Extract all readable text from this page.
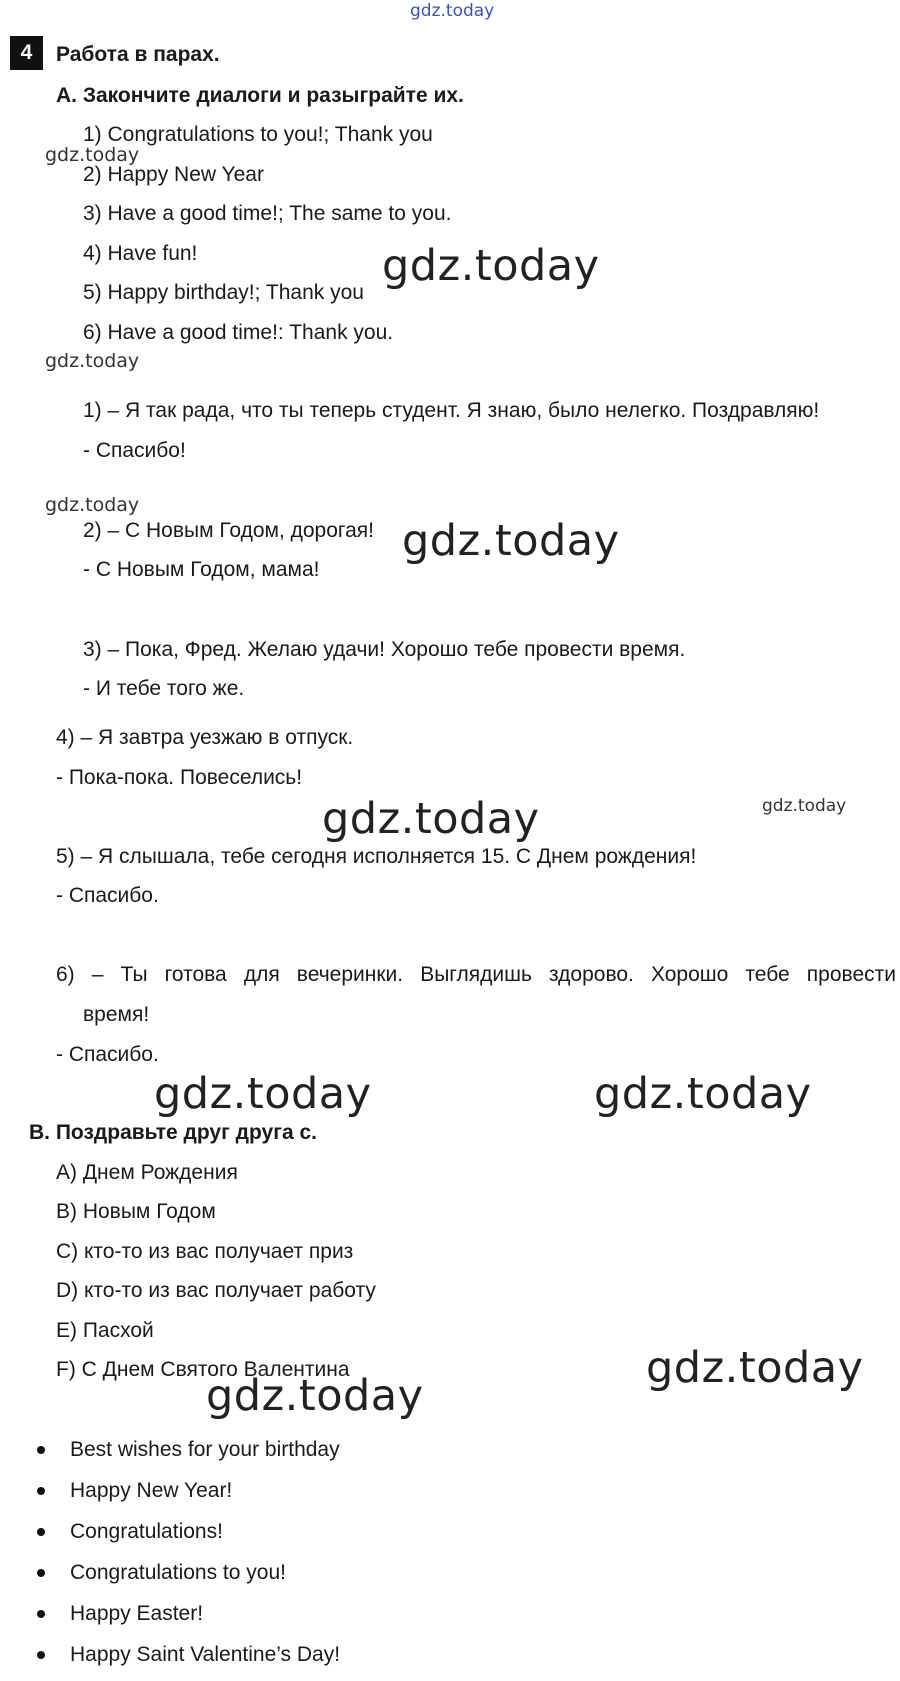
gdz.today
4	Работа в парах.
A. Закончите диалоги и разыграйте их.
1) Congratulations to you!; Thank you
2) Happy New Year
3) Have a good time!; The same to you.
4) Have fun!
5) Happy birthday!; Thank you
6) Have a good time!: Thank you.
1) – Я так рада, что ты теперь студент. Я знаю, было нелегко. Поздравляю!
- Спасибо!
2) – С Новым Годом, дорогая!
- С Новым Годом, мама!
3) – Пока, Фред. Желаю удачи! Хорошо тебе провести время.
- И тебе того же.
4) – Я завтра уезжаю в отпуск.
- Пока-пока. Повеселись!
5) – Я слышала, тебе сегодня исполняется 15. С Днем рождения!
- Спасибо.
6) – Ты готова для вечеринки. Выглядишь здорово. Хорошо тебе провести
время!
- Спасибо.
B. Поздравьте друг друга с.
A) Днем Рождения
B) Новым Годом
C) кто-то из вас получает приз
D) кто-то из вас получает работу
E) Пасхой
F) С Днем Святого Валентина
Best wishes for your birthday
Happy New Year!
Congratulations!
Congratulations to you!
Happy Easter!
Happy Saint Valentine’s Day!
gdz.today
gdz.today
gdz.today
gdz.today
gdz.today
gdz.today	gdz.today
gdz.today	gdz.today
gdz.today
gdz.today
